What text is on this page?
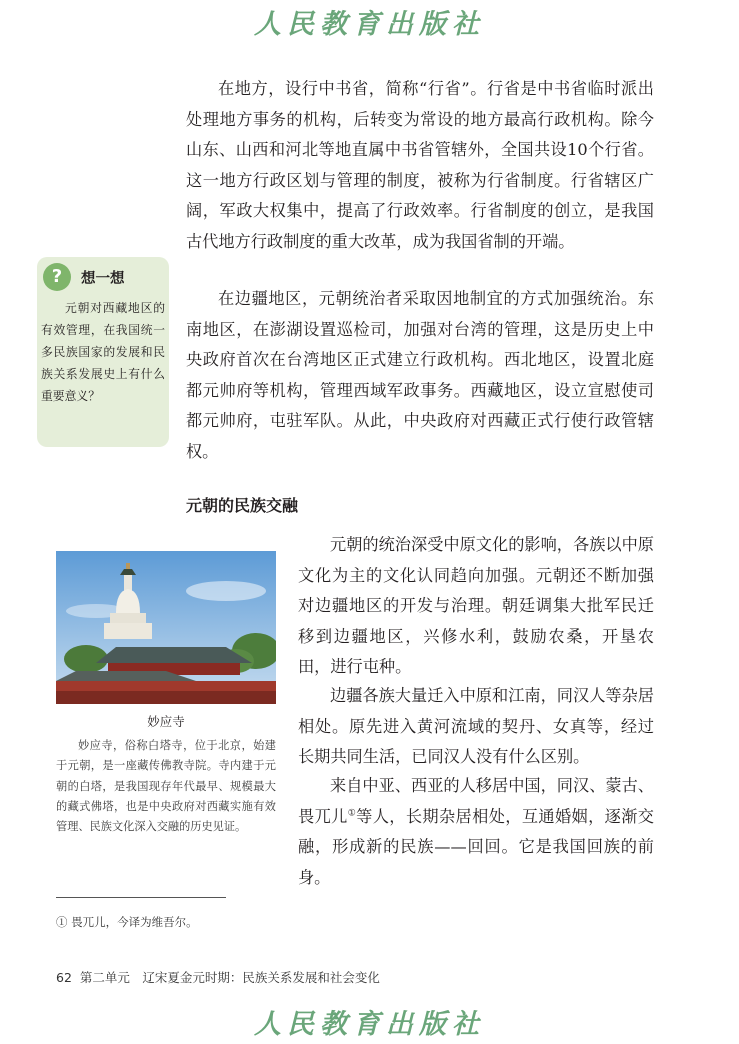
人民教育出版社

在地方，设行中书省，简称“行省”。行省是中书省临时派出处理地方事务的机构，后转变为常设的地方最高行政机构。除今山东、山西和河北等地直属中书省管辖外，全国共设10个行省。这一地方行政区划与管理的制度，被称为行省制度。行省辖区广阔，军政大权集中，提高了行政效率。行省制度的创立，是我国古代地方行政制度的重大改革，成为我国省制的开端。

在边疆地区，元朝统治者采取因地制宜的方式加强统治。东南地区，在澎湖设置巡检司，加强对台湾的管理，这是历史上中央政府首次在台湾地区正式建立行政机构。西北地区，设置北庭都元帅府等机构，管理西域军政事务。西藏地区，设立宣慰使司都元帅府，屯驻军队。从此，中央政府对西藏正式行使行政管辖权。

?	想一想

元朝对西藏地区的有效管理，在我国统一多民族国家的发展和民族关系发展史上有什么重要意义？

元朝的民族交融
妙应寺

妙应寺，俗称白塔寺，位于北京，始建于元朝，是一座藏传佛教寺院。寺内建于元朝的白塔，是我国现存年代最早、规模最大的藏式佛塔，也是中央政府对西藏实施有效管理、民族文化深入交融的历史见证。

元朝的统治深受中原文化的影响，各族以中原文化为主的文化认同趋向加强。元朝还不断加强对边疆地区的开发与治理。朝廷调集大批军民迁移到边疆地区，兴修水利，鼓励农桑，开垦农田，进行屯种。

边疆各族大量迁入中原和江南，同汉人等杂居相处。原先进入黄河流域的契丹、女真等，经过长期共同生活，已同汉人没有什么区别。

来自中亚、西亚的人移居中国，同汉、蒙古、畏兀儿①等人，长期杂居相处，互通婚姻，逐渐交融，形成新的民族——回回。它是我国回族的前身。

① 畏兀儿，今译为维吾尔。
62 第二单元　辽宋夏金元时期：民族关系发展和社会变化
人民教育出版社
